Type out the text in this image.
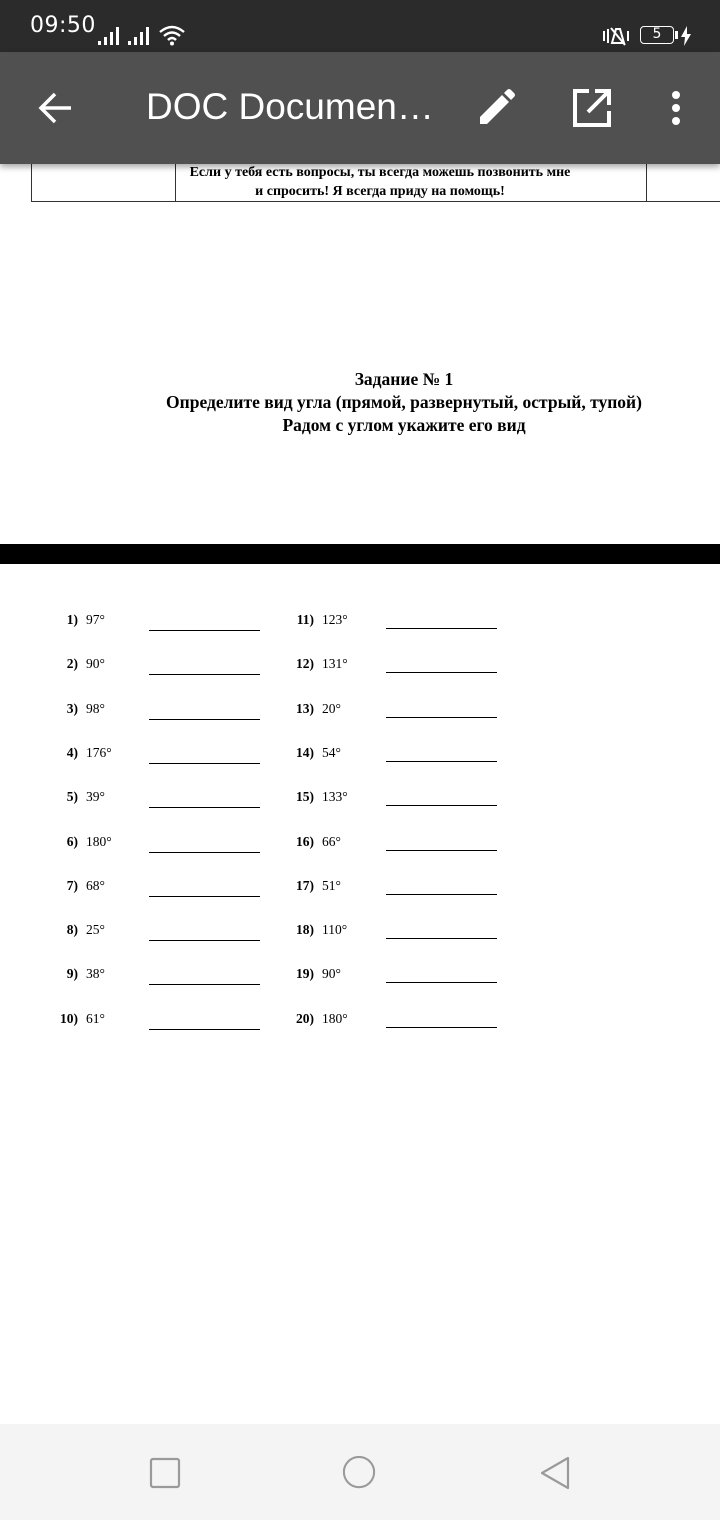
09:50	5
DOC Documen…
Если у тебя есть вопросы, ты всегда можешь позвонить мне
и спросить! Я всегда приду на помощь!
Задание № 1
Определите вид угла (прямой, развернутый, острый, тупой)
Радом с углом укажите его вид
1) 97°
2) 90°
3) 98°
4) 176°
5) 39°
6) 180°
7) 68°
8) 25°
9) 38°
10) 61°
11) 123°
12) 131°
13) 20°
14) 54°
15) 133°
16) 66°
17) 51°
18) 110°
19) 90°
20) 180°
